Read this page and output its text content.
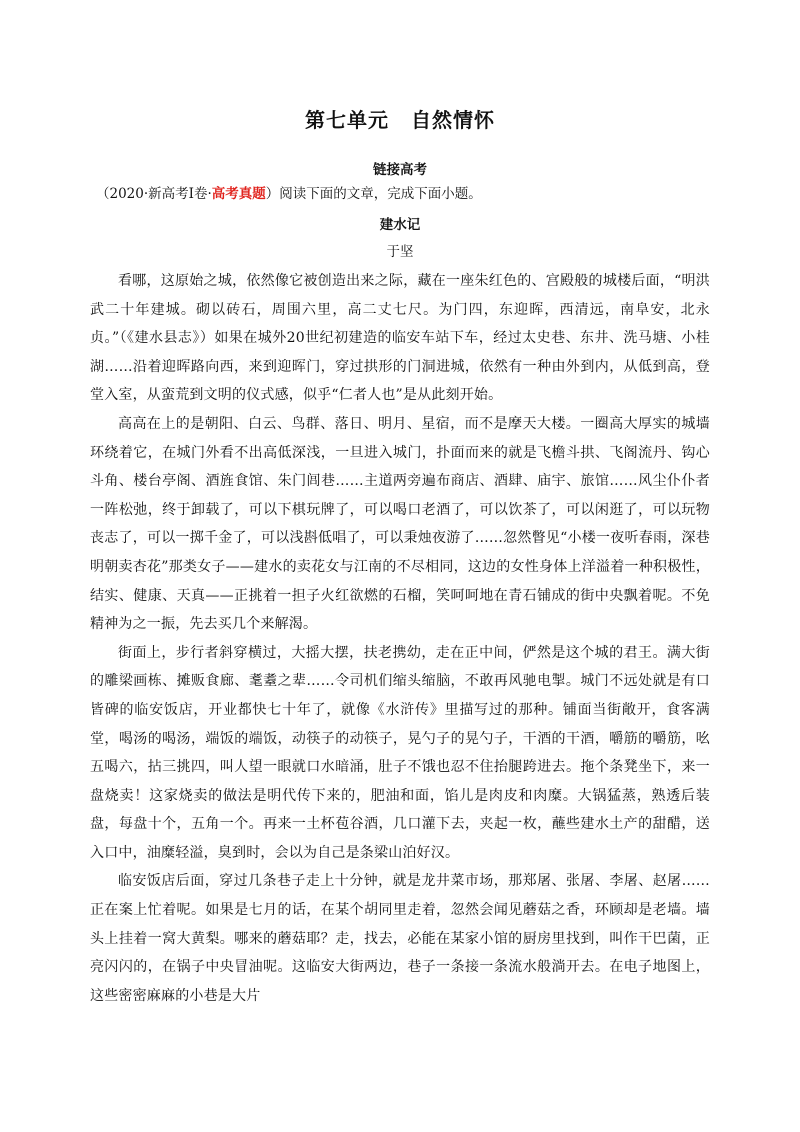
第七单元 自然情怀
链接高考
（2020·新高考Ⅰ卷·高考真题）阅读下面的文章，完成下面小题。
建水记
于坚

看哪，这原始之城，依然像它被创造出来之际，藏在一座朱红色的、宫殿般的城楼后面，“明洪武二十年建城。砌以砖石，周围六里，高二丈七尺。为门四，东迎晖，西清远，南阜安，北永贞。”（《建水县志》）如果在城外20世纪初建造的临安车站下车，经过太史巷、东井、洗马塘、小桂湖……沿着迎晖路向西，来到迎晖门，穿过拱形的门洞进城，依然有一种由外到内，从低到高，登堂入室，从蛮荒到文明的仪式感，似乎“仁者人也”是从此刻开始。

高高在上的是朝阳、白云、鸟群、落日、明月、星宿，而不是摩天大楼。一圈高大厚实的城墙环绕着它，在城门外看不出高低深浅，一旦进入城门，扑面而来的就是飞檐斗拱、飞阁流丹、钩心斗角、楼台亭阁、酒旌食馆、朱门闾巷……主道两旁遍布商店、酒肆、庙宇、旅馆……风尘仆仆者一阵松弛，终于卸载了，可以下棋玩牌了，可以喝口老酒了，可以饮茶了，可以闲逛了，可以玩物丧志了，可以一掷千金了，可以浅斟低唱了，可以秉烛夜游了……忽然瞥见“小楼一夜听春雨，深巷明朝卖杏花”那类女子——建水的卖花女与江南的不尽相同，这边的女性身体上洋溢着一种积极性，结实、健康、天真——正挑着一担子火红欲燃的石榴，笑呵呵地在青石铺成的街中央飘着呢。不免精神为之一振，先去买几个来解渴。

街面上，步行者斜穿横过，大摇大摆，扶老携幼，走在正中间，俨然是这个城的君王。满大街的雕梁画栋、摊贩食廊、耄耋之辈……令司机们缩头缩脑，不敢再风驰电掣。城门不远处就是有口皆碑的临安饭店，开业都快七十年了，就像《水浒传》里描写过的那种。铺面当街敞开，食客满堂，喝汤的喝汤，端饭的端饭，动筷子的动筷子，晃勺子的晃勺子，干酒的干酒，嚼筋的嚼筋，吆五喝六，拈三挑四，叫人望一眼就口水暗涌，肚子不饿也忍不住抬腿跨进去。拖个条凳坐下，来一盘烧卖！这家烧卖的做法是明代传下来的，肥油和面，馅儿是肉皮和肉糜。大锅猛蒸，熟透后装盘，每盘十个，五角一个。再来一土杯苞谷酒，几口灌下去，夹起一枚，蘸些建水土产的甜醋，送入口中，油糜轻溢，臭到时，会以为自己是条梁山泊好汉。

临安饭店后面，穿过几条巷子走上十分钟，就是龙井菜市场，那郑屠、张屠、李屠、赵屠……正在案上忙着呢。如果是七月的话，在某个胡同里走着，忽然会闻见蘑菇之香，环顾却是老墙。墙头上挂着一窝大黄梨。哪来的蘑菇耶？走，找去，必能在某家小馆的厨房里找到，叫作干巴菌，正亮闪闪的，在锅子中央冒油呢。这临安大街两边，巷子一条接一条流水般淌开去。在电子地图上，这些密密麻麻的小巷是大片
